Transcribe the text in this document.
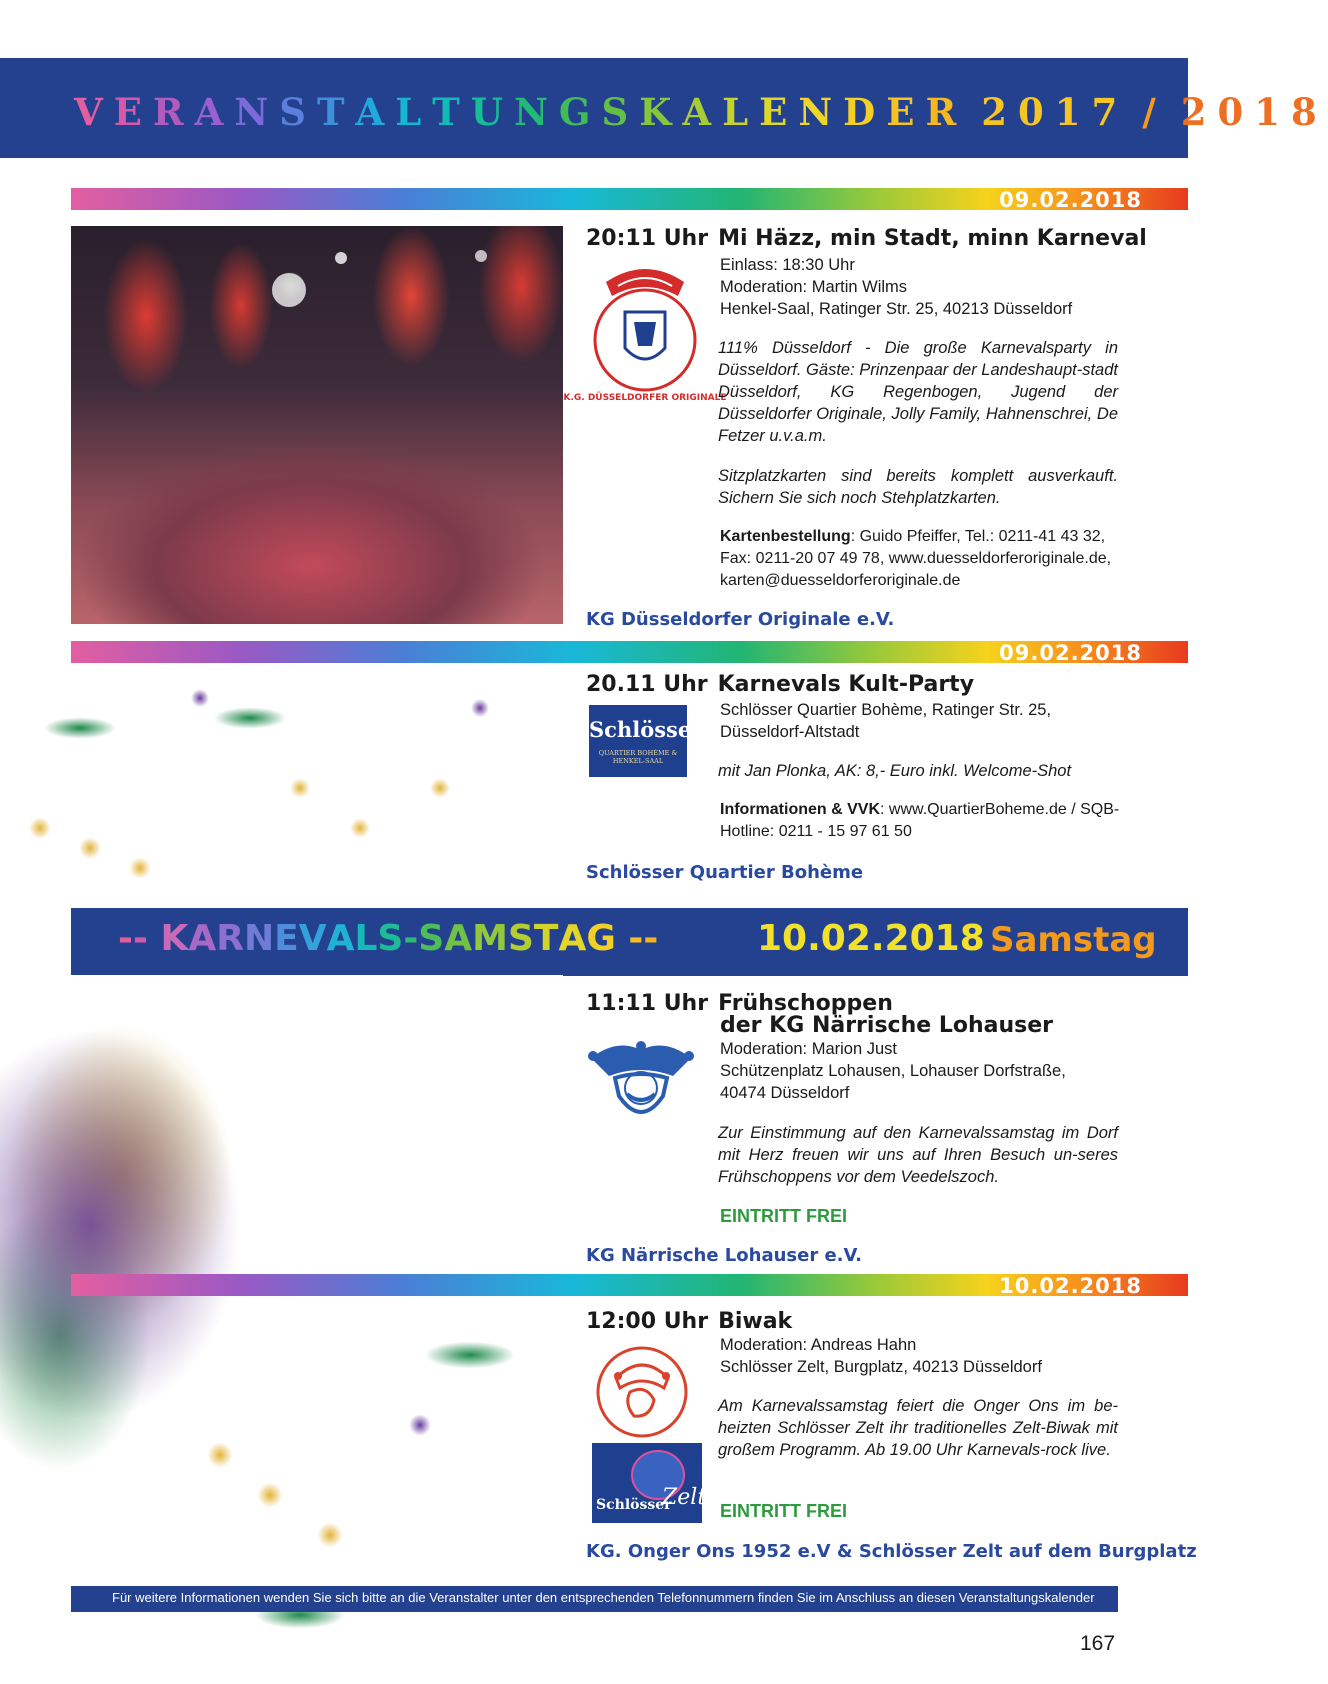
VERANSTALTUNGSKALENDER 2017 / 2018
09.02.2018
20:11 Uhr Mi Häzz, min Stadt, minn Karneval
K.G. DÜSSELDORFER ORIGINALE
Einlass: 18:30 Uhr
Moderation: Martin Wilms
Henkel-Saal, Ratinger Str. 25, 40213 Düsseldorf
111% Düsseldorf - Die große Karnevalsparty in Düsseldorf. Gäste: Prinzenpaar der Landeshaupt-stadt Düsseldorf, KG Regenbogen, Jugend der Düsseldorfer Originale, Jolly Family, Hahnenschrei, De Fetzer u.v.a.m.
Sitzplatzkarten sind bereits komplett ausverkauft. Sichern Sie sich noch Stehplatzkarten.
Kartenbestellung: Guido Pfeiffer, Tel.: 0211-41 43 32, Fax: 0211-20 07 49 78, www.duesseldorferoriginale.de, karten@duesseldorferoriginale.de
KG Düsseldorfer Originale e.V.
09.02.2018
20.11 Uhr Karnevals Kult-Party
Schlösser
QUARTIER BOHÈME & HENKEL-SAAL
Schlösser Quartier Bohème, Ratinger Str. 25,
Düsseldorf-Altstadt
mit Jan Plonka, AK: 8,- Euro inkl. Welcome-Shot
Informationen & VVK: www.QuartierBoheme.de / SQB-Hotline: 0211 - 15 97 61 50
Schlösser Quartier Bohème
-- KARNEVALS-SAMSTAG --	10.02.2018 Samstag
11:11 Uhr Frühschoppen
der KG Närrische Lohauser
Moderation: Marion Just
Schützenplatz Lohausen, Lohauser Dorfstraße,
40474 Düsseldorf
Zur Einstimmung auf den Karnevalssamstag im Dorf mit Herz freuen wir uns auf Ihren Besuch un-seres Frühschoppens vor dem Veedelszoch.
EINTRITT FREI
KG Närrische Lohauser e.V.
10.02.2018
12:00 Uhr Biwak
Schlösser
Zelt
Moderation: Andreas Hahn
Schlösser Zelt, Burgplatz, 40213 Düsseldorf
Am Karnevalssamstag feiert die Onger Ons im be-heizten Schlösser Zelt ihr traditionelles Zelt-Biwak mit großem Programm. Ab 19.00 Uhr Karnevals-rock live.
EINTRITT FREI
KG. Onger Ons 1952 e.V & Schlösser Zelt auf dem Burgplatz
Für weitere Informationen wenden Sie sich bitte an die Veranstalter unter den entsprechenden Telefonnummern finden Sie im Anschluss an diesen Veranstaltungskalender
167
